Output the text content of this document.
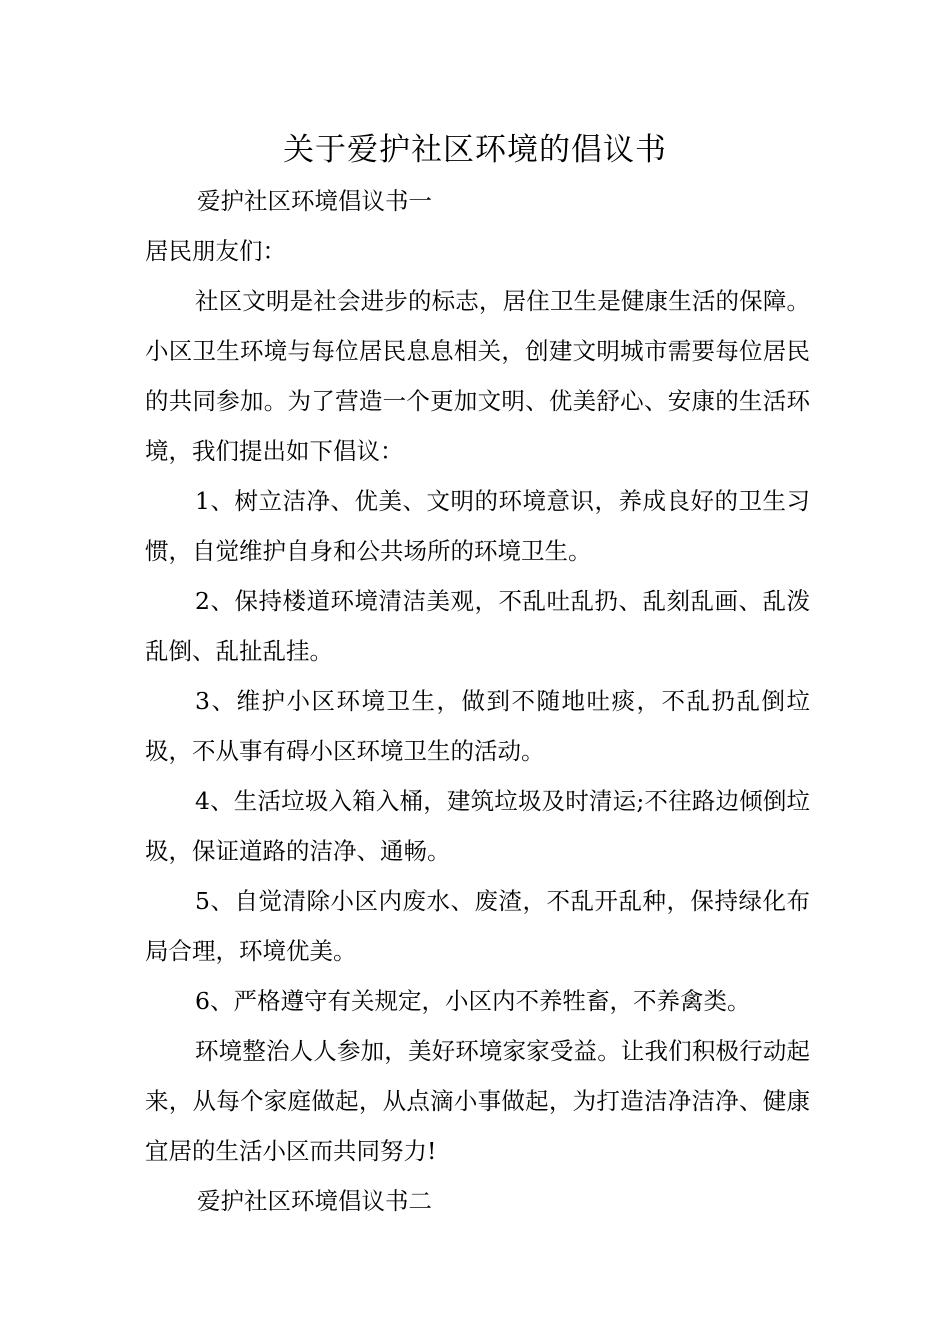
关于爱护社区环境的倡议书

爱护社区环境倡议书一

居民朋友们：

社区文明是社会进步的标志，居住卫生是健康生活的保障。小区卫生环境与每位居民息息相关，创建文明城市需要每位居民的共同参加。为了营造一个更加文明、优美舒心、安康的生活环境，我们提出如下倡议：

1、树立洁净、优美、文明的环境意识，养成良好的卫生习惯，自觉维护自身和公共场所的环境卫生。

2、保持楼道环境清洁美观，不乱吐乱扔、乱刻乱画、乱泼乱倒、乱扯乱挂。

3、维护小区环境卫生，做到不随地吐痰，不乱扔乱倒垃圾，不从事有碍小区环境卫生的活动。

4、生活垃圾入箱入桶，建筑垃圾及时清运;不往路边倾倒垃圾，保证道路的洁净、通畅。

5、自觉清除小区内废水、废渣，不乱开乱种，保持绿化布局合理，环境优美。

6、严格遵守有关规定，小区内不养牲畜，不养禽类。

环境整治人人参加，美好环境家家受益。让我们积极行动起来，从每个家庭做起，从点滴小事做起，为打造洁净洁净、健康宜居的生活小区而共同努力!

爱护社区环境倡议书二
